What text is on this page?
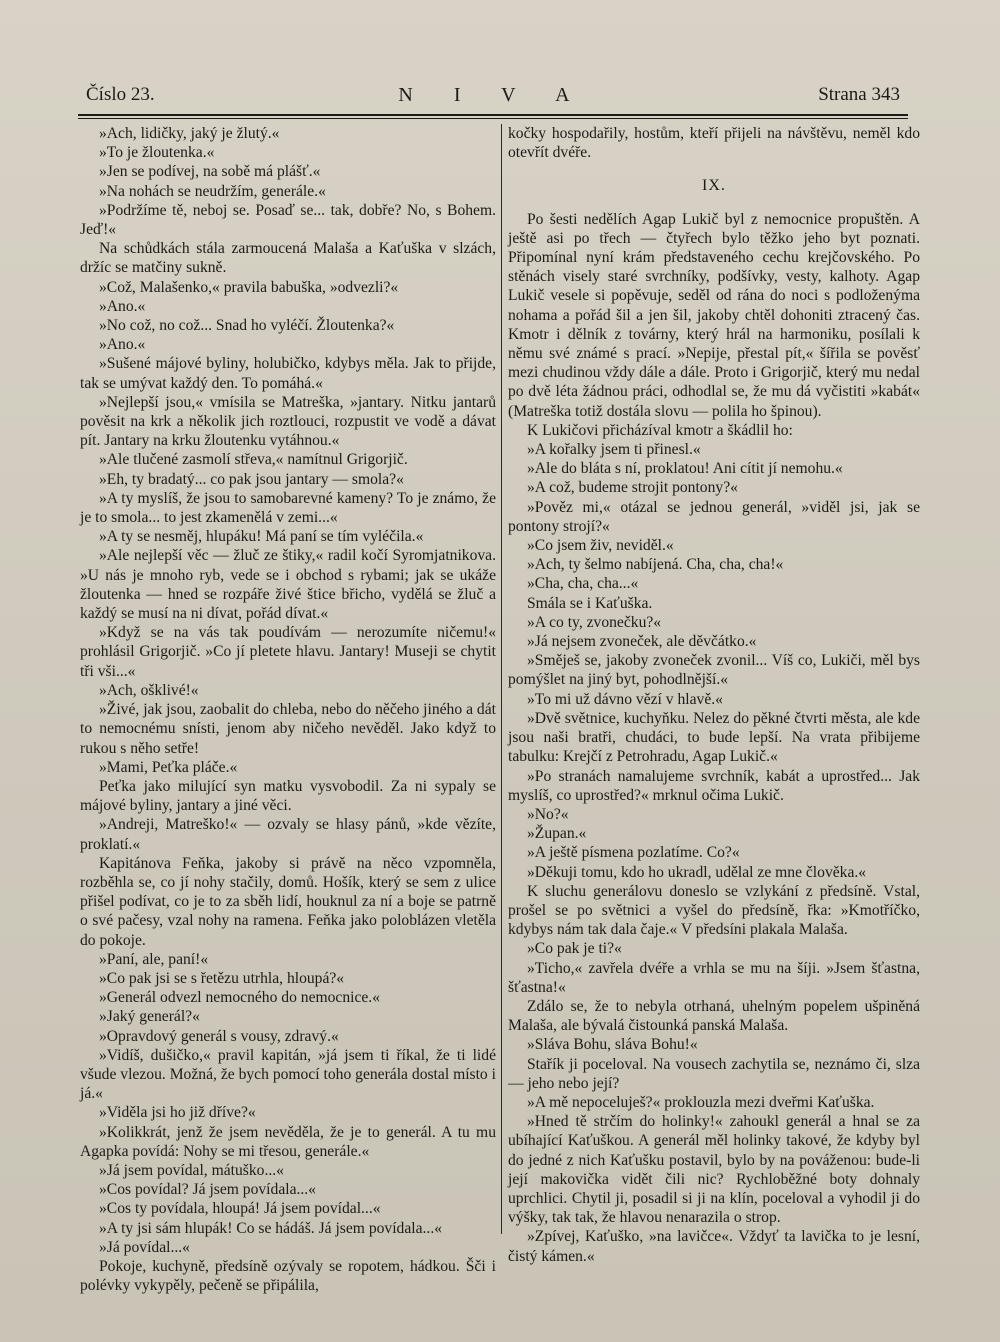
Číslo 23.	N I V A	Strana 343

»Ach, lidičky, jaký je žlutý.«

»To je žloutenka.«

»Jen se podívej, na sobě má plášť.«

»Na nohách se neudržím, generále.«

»Podržíme tě, neboj se. Posaď se... tak, dobře? No, s Bohem. Jeď!«

Na schůdkách stála zarmoucená Malaša a Kaťuška v slzách, držíc se matčiny sukně.

»Což, Malašenko,« pravila babuška, »odvezli?«

»Ano.«

»No což, no což... Snad ho vyléčí. Žloutenka?«

»Ano.«

»Sušené májové byliny, holubičko, kdybys měla. Jak to přijde, tak se umývat každý den. To pomáhá.«

»Nejlepší jsou,« vmísila se Matreška, »jantary. Nitku jantarů pověsit na krk a několik jich roztlouci, rozpustit ve vodě a dávat pít. Jantary na krku žloutenku vytáhnou.«

»Ale tlučené zasmolí střeva,« namítnul Grigorjič.

»Eh, ty bradatý... co pak jsou jantary — smola?«

»A ty myslíš, že jsou to samobarevné kameny? To je známo, že je to smola... to jest zkamenělá v zemi...«

»A ty se nesměj, hlupáku! Má paní se tím vyléčila.«

»Ale nejlepší věc — žluč ze štiky,« radil kočí Syromjatnikova. »U nás je mnoho ryb, vede se i obchod s rybami; jak se ukáže žloutenka — hned se rozpáře živé štice břicho, vydělá se žluč a každý se musí na ni dívat, pořád dívat.«

»Když se na vás tak poudívám — nerozumíte ničemu!« prohlásil Grigorjič. »Co jí pletete hlavu. Jantary! Museji se chytit tři vši...«

»Ach, ošklivé!«

»Živé, jak jsou, zaobalit do chleba, nebo do něčeho jiného a dát to nemocnému snísti, jenom aby ničeho nevěděl. Jako když to rukou s něho setře!

»Mami, Peťka pláče.«

Peťka jako milující syn matku vysvobodil. Za ni sypaly se májové byliny, jantary a jiné věci.

»Andreji, Matreško!« — ozvaly se hlasy pánů, »kde vězíte, proklatí.«

Kapitánova Feňka, jakoby si právě na něco vzpomněla, rozběhla se, co jí nohy stačily, domů. Hošík, který se sem z ulice přišel podívat, co je to za sběh lidí, houknul za ní a boje se patrně o své pačesy, vzal nohy na ramena. Feňka jako poloblázen vletěla do pokoje.

»Paní, ale, paní!«

»Co pak jsi se s řetězu utrhla, hloupá?«

»Generál odvezl nemocného do nemocnice.«

»Jaký generál?«

»Opravdový generál s vousy, zdravý.«

»Vidíš, dušičko,« pravil kapitán, »já jsem ti říkal, že ti lidé všude vlezou. Možná, že bych pomocí toho generála dostal místo i já.«

»Viděla jsi ho již dříve?«

»Kolikkrát, jenž že jsem nevěděla, že je to generál. A tu mu Agapka povídá: Nohy se mi třesou, generále.«

»Já jsem povídal, mátuško...«

»Cos povídal? Já jsem povídala...«

»Cos ty povídala, hloupá! Já jsem povídal...«

»A ty jsi sám hlupák! Co se hádáš. Já jsem povídala...«

»Já povídal...«

Pokoje, kuchyně, předsíně ozývaly se ropotem, hádkou. Šči i polévky vykypěly, pečeně se připálila,

kočky hospodařily, hostům, kteří přijeli na návštěvu, neměl kdo otevřít dvéře.

IX.

Po šesti nedělích Agap Lukič byl z nemocnice propuštěn. A ještě asi po třech — čtyřech bylo těžko jeho byt poznati. Připomínal nyní krám představeného cechu krejčovského. Po stěnách visely staré svrchníky, podšívky, vesty, kalhoty. Agap Lukič vesele si popěvuje, seděl od rána do noci s podloženýma nohama a pořád šil a jen šil, jakoby chtěl dohoniti ztracený čas. Kmotr i dělník z továrny, který hrál na harmoniku, posílali k němu své známé s prací. »Nepije, přestal pít,« šířila se pověsť mezi chudinou vždy dále a dále. Proto i Grigorjič, který mu nedal po dvě léta žádnou práci, odhodlal se, že mu dá vyčistiti »kabát« (Matreška totiž dostála slovu — polila ho špinou).

K Lukičovi přicházíval kmotr a škádlil ho:

»A kořalky jsem ti přinesl.«

»Ale do bláta s ní, proklatou! Ani cítit jí nemohu.«

»A což, budeme strojit pontony?«

»Pověz mi,« otázal se jednou generál, »viděl jsi, jak se pontony strojí?«

»Co jsem živ, neviděl.«

»Ach, ty šelmo nabíjená. Cha, cha, cha!«

»Cha, cha, cha...«

Smála se i Kaťuška.

»A co ty, zvonečku?«

»Já nejsem zvoneček, ale děvčátko.«

»Směješ se, jakoby zvoneček zvonil... Víš co, Lukiči, měl bys pomýšlet na jiný byt, pohodlnější.«

»To mi už dávno vězí v hlavě.«

»Dvě světnice, kuchyňku. Nelez do pěkné čtvrti města, ale kde jsou naši bratři, chudáci, to bude lepší. Na vrata přibijeme tabulku: Krejčí z Petrohradu, Agap Lukič.«

»Po stranách namalujeme svrchník, kabát a uprostřed... Jak myslíš, co uprostřed?« mrknul očima Lukič.

»No?«

»Župan.«

»A ještě písmena pozlatíme. Co?«

»Děkuji tomu, kdo ho ukradl, udělal ze mne člověka.«

K sluchu generálovu doneslo se vzlykání z předsíně. Vstal, prošel se po světnici a vyšel do předsíně, řka: »Kmotříčko, kdybys nám tak dala čaje.« V předsíni plakala Malaša.

»Co pak je ti?«

»Ticho,« zavřela dvéře a vrhla se mu na šíji. »Jsem šťastna, šťastna!«

Zdálo se, že to nebyla otrhaná, uhelným popelem ušpiněná Malaša, ale bývalá čistounká panská Malaša.

»Sláva Bohu, sláva Bohu!«

Stařík ji poceloval. Na vousech zachytila se, neznámo či, slza — jeho nebo její?

»A mě nepoceluješ?« proklouzla mezi dveřmi Kaťuška.

»Hned tě strčím do holinky!« zahoukl generál a hnal se za ubíhající Kaťuškou. A generál měl holinky takové, že kdyby byl do jedné z nich Kaťušku postavil, bylo by na pováženou: bude-li její makovička vidět čili nic? Rychloběžné boty dohnaly uprchlici. Chytil ji, posadil si ji na klín, poceloval a vyhodil ji do výšky, tak tak, že hlavou nenarazila o strop.

»Zpívej, Kaťuško, »na lavičce«. Vždyť ta lavička to je lesní, čistý kámen.«
